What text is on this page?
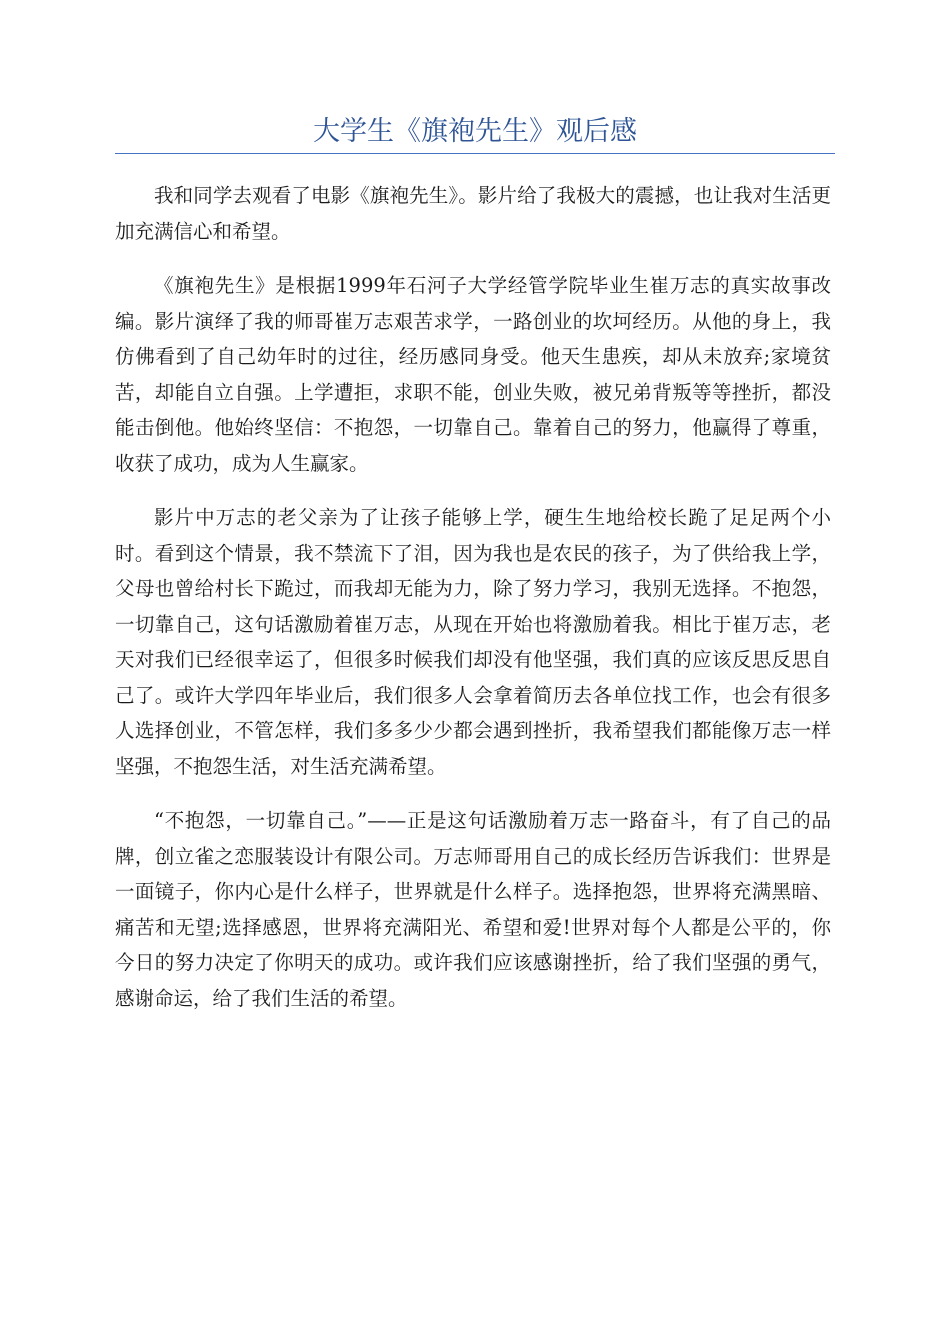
大学生《旗袍先生》观后感

我和同学去观看了电影《旗袍先生》。影片给了我极大的震撼，也让我对生活更加充满信心和希望。

《旗袍先生》是根据1999年石河子大学经管学院毕业生崔万志的真实故事改编。影片演绎了我的师哥崔万志艰苦求学，一路创业的坎坷经历。从他的身上，我仿佛看到了自己幼年时的过往，经历感同身受。他天生患疾，却从未放弃;家境贫苦，却能自立自强。上学遭拒，求职不能，创业失败，被兄弟背叛等等挫折，都没能击倒他。他始终坚信：不抱怨，一切靠自己。靠着自己的努力，他赢得了尊重，收获了成功，成为人生赢家。

影片中万志的老父亲为了让孩子能够上学，硬生生地给校长跪了足足两个小时。看到这个情景，我不禁流下了泪，因为我也是农民的孩子，为了供给我上学，父母也曾给村长下跪过，而我却无能为力，除了努力学习，我别无选择。不抱怨，一切靠自己，这句话激励着崔万志，从现在开始也将激励着我。相比于崔万志，老天对我们已经很幸运了，但很多时候我们却没有他坚强，我们真的应该反思反思自己了。或许大学四年毕业后，我们很多人会拿着简历去各单位找工作，也会有很多人选择创业，不管怎样，我们多多少少都会遇到挫折，我希望我们都能像万志一样坚强，不抱怨生活，对生活充满希望。

“不抱怨，一切靠自己。”——正是这句话激励着万志一路奋斗，有了自己的品牌，创立雀之恋服装设计有限公司。万志师哥用自己的成长经历告诉我们：世界是一面镜子，你内心是什么样子，世界就是什么样子。选择抱怨，世界将充满黑暗、痛苦和无望;选择感恩，世界将充满阳光、希望和爱!世界对每个人都是公平的，你今日的努力决定了你明天的成功。或许我们应该感谢挫折，给了我们坚强的勇气，感谢命运，给了我们生活的希望。
